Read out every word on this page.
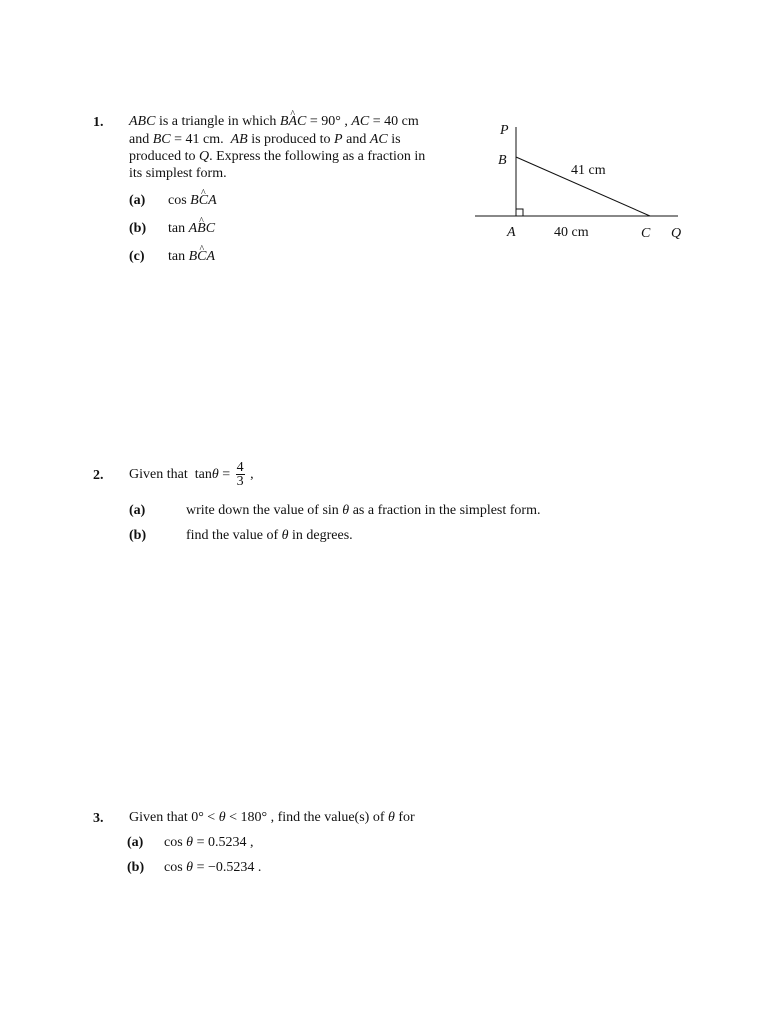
1. ABC is a triangle in which B^ AC = 90° , AC = 40 cm
and BC = 41 cm.  AB is produced to P and AC is
produced to Q. Express the following as a fraction in
its simplest form.
(a) cos B^ CA
(b) tan A^ BC
(c) tan B^ CA
P
B
A	C Q
41 cm
40 cm
2. Given that  $\tan\theta = \frac{4}{3}$ ,
(a)	write down the value of sin θ as a fraction in the simplest form.
(b)	find the value of θ in degrees.
3. Given that 0° < θ < 180° , find the value(s) of θ for
(a) cos θ = 0.5234 ,
(b) cos θ = −0.5234 .
